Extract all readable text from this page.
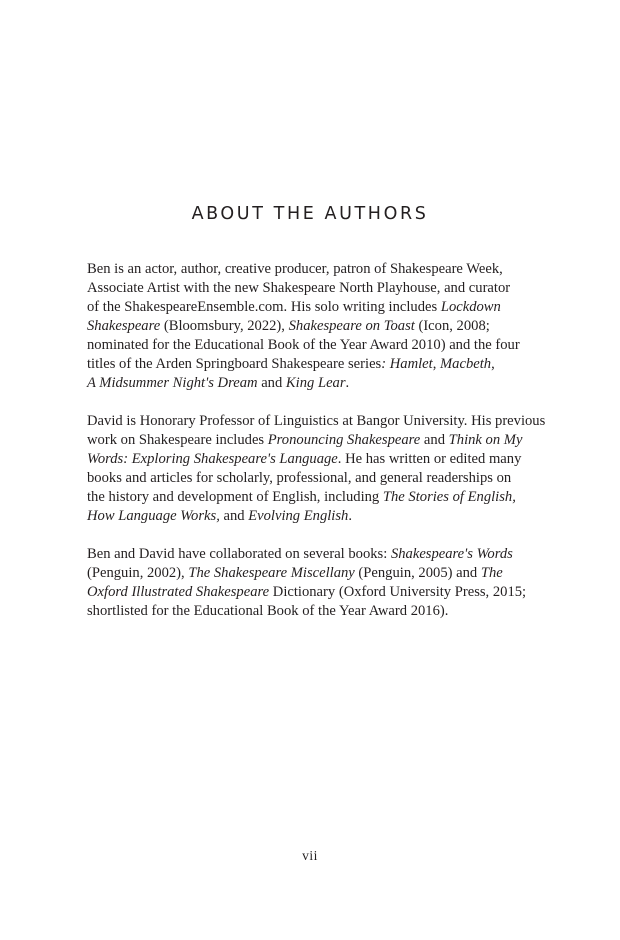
ABOUT THE AUTHORS

Ben is an actor, author, creative producer, patron of Shakespeare Week,
Associate Artist with the new Shakespeare North Playhouse, and curator
of the ShakespeareEnsemble.com. His solo writing includes Lockdown
Shakespeare (Bloomsbury, 2022), Shakespeare on Toast (Icon, 2008;
nominated for the Educational Book of the Year Award 2010) and the four
titles of the Arden Springboard Shakespeare series: Hamlet, Macbeth,
A Midsummer Night's Dream and King Lear.

David is Honorary Professor of Linguistics at Bangor University. His previous
work on Shakespeare includes Pronouncing Shakespeare and Think on My
Words: Exploring Shakespeare's Language. He has written or edited many
books and articles for scholarly, professional, and general readerships on
the history and development of English, including The Stories of English,
How Language Works, and Evolving English.

Ben and David have collaborated on several books: Shakespeare's Words
(Penguin, 2002), The Shakespeare Miscellany (Penguin, 2005) and The
Oxford Illustrated Shakespeare Dictionary (Oxford University Press, 2015;
shortlisted for the Educational Book of the Year Award 2016).

vii
